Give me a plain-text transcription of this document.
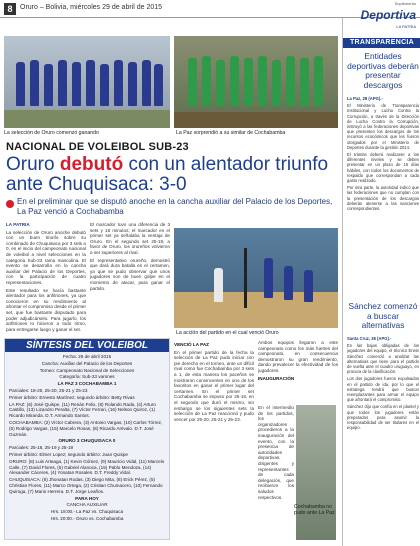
8	Oruro – Bolivia, miércoles 29 de abril de 2015
Suplemento
Deportiva
LA PATRIA
La selección de Oruro comenzó ganando	La Paz sorprendió a su similar de Cochabamba
NACIONAL DE VOLEIBOL SUB-23
Oruro debutó con un alentador triunfo ante Chuquisaca: 3-0
En el preliminar que se disputó anoche en la cancha auxiliar del Palacio de los Deportes, La Paz venció a Cochabamba

LA PATRIA

La selección de Oruro anoche debutó con un buen triunfo sobre su combinado de Chuquisaca por 3 sets a 0, en el inicio del campeonato nacional de voleibol a nivel selecciones en la categoría Sub-23 rama masculina. El evento se desarrolla en la cancha auxiliar del Palacio de los Deportes, con la participación de cuatro representaciones.

Este resultado se hacía bastante alentador para los anfitriones, ya que conocieron en su rendimiento al afrontar el compromiso desde el primer set, que fue bastante disputado para poder adjudicárselo. Para jugarlo, los anfitriones lo hicieron a todo ritmo, para entregarse luego y ganar el set.

El marcador tuvo una diferencia de 3 sets y 18 minutos; el marcador en el primer set ya señalaba la ventaja de Oruro. En el segundo set 25-19, a favor de Oruro, los orureños volvieron a ser superiores al rival.

El representativo orureño, demostró que dará dura batalla en el certamen, ya que se pudo observar que unos jugadores son de buen golpe en el momento de atacar, para ganar el partido.

La acción del partido en el cual venció Oruro

VENCIÓ LA PAZ

En el primer partido de la fecha la selección de La Paz pudo iniciar con pie derecho en el torneo, ante un difícil rival como fue Cochabamba por 3 sets a 1, de esta manera los paceños se mostraron convincentes en uno de los favoritos en ganar el primer lugar del certamen. En el primer set Cochabamba se impuso por 25-18, en el segundo que duró el mismo, sin embargo se los siguientes sets la selección de La Paz reaccionó y pudo vencer por 25-20, 25-21 y 25-23.

Ambos equipos llegaron a este campeonato como los más fuertes del campeonato, en consecuencia demostraron su gran rendimiento, dando prevalecer la efectividad de los jugadores.

INAUGURACIÓN

En el intermedio de los partidos, los organizadores procedieron a la inauguración del evento, con la presencia de autoridades deportivas, dirigentes y representantes de cada delegación, que recibieron los saludos respectivos.

Cochabamba no pudo ante La Paz
SÍNTESIS DEL VOLEIBOL

Fecha: 28 de abril 2015

Cancha: Auxiliar del Palacio de los Deportes

Torneo: Campeonato Nacional de Selecciones

Categoría: Sub-23 varones

LA PAZ 3 COCHABAMBA 1

Parciales: 18-25, 25-20, 25-21 y 25-23

Primer árbitro: Ernesto Martínez; segundo árbitro: Betty Rivas

LA PAZ: (6) José Quispe, (11) Renán Felix, (8) Rolando Rada, (4) Arturo Castillo, (13) Lizandro Peralta, (7) Víctor Ferrari, (16) Nelson Quiroz, (1) Ricardo Miranda. D.T. Armando Santos.

COCHABAMBA: (2) Víctor Cabrera, (3) Antonio Vargas, (10) Carlos Tórrez, (6) Rodrigo Vargas, (15) Marcelo Rosas, (8) Ricardo Arévalo. D.T. José Guzmán.

ORURO 3 CHUQUISACA 0

Parciales: 25-18, 25-19 y 25-19

Primer árbitro: Elmer Lopez; segundo árbitro: Juan Quispe

ORURO: (8) Luis Arteaga, (1) Kevin Gómez, (9) Mauricio Vidal, (11) Marcelo Calle, (7) David Flores, (5) Gabriel Alanoca, (15) Pablo Mendoza, (14) Alexander Cáceres, (4) Yonatan Rosales. D.T. Freddy Vidal.

CHUQUISACA: (6) Jhonatan Rodas, (3) Diego Mita, (8) Erick Pérez, (5) Christian Flores, (11) Marco Ortega, (2) Cristian Chumacero, (10) Fernando Quiroga, (7) Mario Herrera. D.T. Jorge Leaños.

PARA HOY

CANCHA AUXILIAR

Hrs. 18:00.- La Paz vs. Chuquisaca

Hrs. 20:00.- Oruro vs. Cochabamba

TRANSPARENCIA
Entidades deportivas deberán presentar descargos

La Paz, 28 (APG).-

El Ministerio de Transparencia Institucional y Lucha Contra la Corrupción, a través de la Dirección de Lucha Contra la Corrupción, instruyó a las federaciones deportivas que presenten los descargos de los recursos económicos que les fueron otorgados por el Ministerio de Deportes durante la gestión 2014.

El trámite deberá realizarse a los diferentes niveles y se deben presentar en un plazo de 15 días hábiles, con todos los documentos de respaldo que correspondan a cada gasto realizado.

Por otra parte, la autoridad indicó que las federaciones que no cumplan con la presentación de los descargos deberán atenerse a las sanciones correspondientes.

Sánchez comenzó a buscar alternativas

Santa Cruz, 28 (APG).-

En las bajas obligadas de los jugadores del equipo, el técnico Erwin Sánchez comenzó a analizar las alternativas que tiene para el partido de vuelta ante el cuadro uruguayo, en procura de la clasificación.

Los dos jugadores fueron expulsados en el partido de ida, por lo que el estratega tendrá que buscar reemplazantes para armar el equipo que afrontará el compromiso.

Sánchez dijo que confía en el plantel y que todos los jugadores están preparados para asumir la responsabilidad de ser titulares en el equipo.
